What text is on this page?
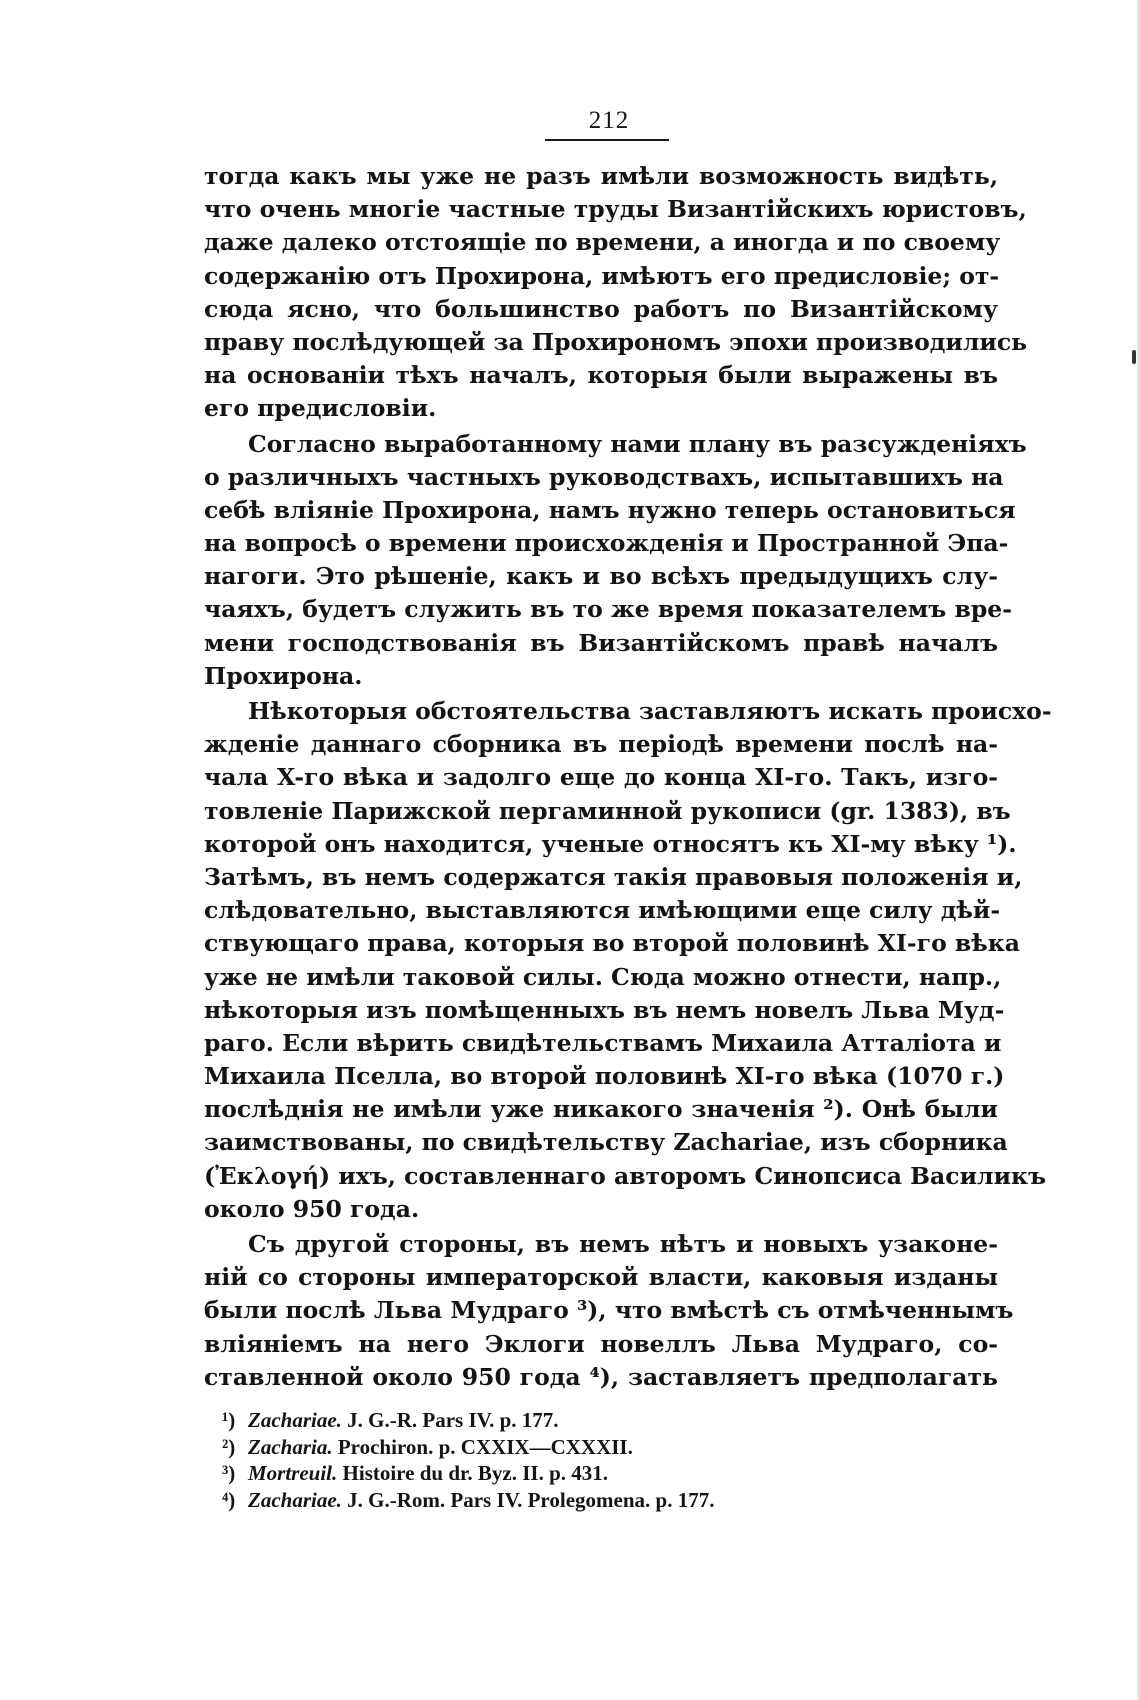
212
тогда какъ мы уже не разъ имѣли возможность видѣть,
что очень многіе частные труды Византійскихъ юристовъ,
даже далеко отстоящіе по времени, а иногда и по своему
содержанію отъ Прохирона, имѣютъ его предисловіе; от-
сюда ясно, что большинство работъ по Византійскому
праву послѣдующей за Прохирономъ эпохи производились
на основаніи тѣхъ началъ, которыя были выражены въ
его предисловіи.
Согласно выработанному нами плану въ разсужденіяхъ
о различныхъ частныхъ руководствахъ, испытавшихъ на
себѣ вліяніе Прохирона, намъ нужно теперь остановиться
на вопросѣ о времени происхожденія и Пространной Эпа-
нагоги. Это рѣшеніе, какъ и во всѣхъ предыдущихъ слу-
чаяхъ, будетъ служить въ то же время показателемъ вре-
мени господствованія въ Византійскомъ правѣ началъ
Прохирона.
Нѣкоторыя обстоятельства заставляютъ искать происхо-
жденіе даннаго сборника въ періодѣ времени послѣ на-
чала X-го вѣка и задолго еще до конца XI-го. Такъ, изго-
товленіе Парижской пергаминной рукописи (gr. 1383), въ
которой онъ находится, ученые относятъ къ XI-му вѣку ¹).
Затѣмъ, въ немъ содержатся такія правовыя положенія и,
слѣдовательно, выставляются имѣющими еще силу дѣй-
ствующаго права, которыя во второй половинѣ XI-го вѣка
уже не имѣли таковой силы. Сюда можно отнести, напр.,
нѣкоторыя изъ помѣщенныхъ въ немъ новелъ Льва Муд-
раго. Если вѣрить свидѣтельствамъ Михаила Атталіота и
Михаила Пселла, во второй половинѣ XI-го вѣка (1070 г.)
послѣднія не имѣли уже никакого значенія ²). Онѣ были
заимствованы, по свидѣтельству Zachariae, изъ сборника
(Ἐκλογή) ихъ, составленнаго авторомъ Синопсиса Василикъ
около 950 года.
Съ другой стороны, въ немъ нѣтъ и новыхъ узаконе-
ній со стороны императорской власти, каковыя изданы
были послѣ Льва Мудраго ³), что вмѣстѣ съ отмѣченнымъ
вліяніемъ на него Эклоги новеллъ Льва Мудраго, со-
ставленной около 950 года ⁴), заставляетъ предполагать
¹) Zachariae. J. G.-R. Pars IV. p. 177.
²) Zacharia. Prochiron. p. CXXIX—CXXXII.
³) Mortreuil. Histoire du dr. Byz. II. p. 431.
⁴) Zachariae. J. G.-Rom. Pars IV. Prolegomena. p. 177.
